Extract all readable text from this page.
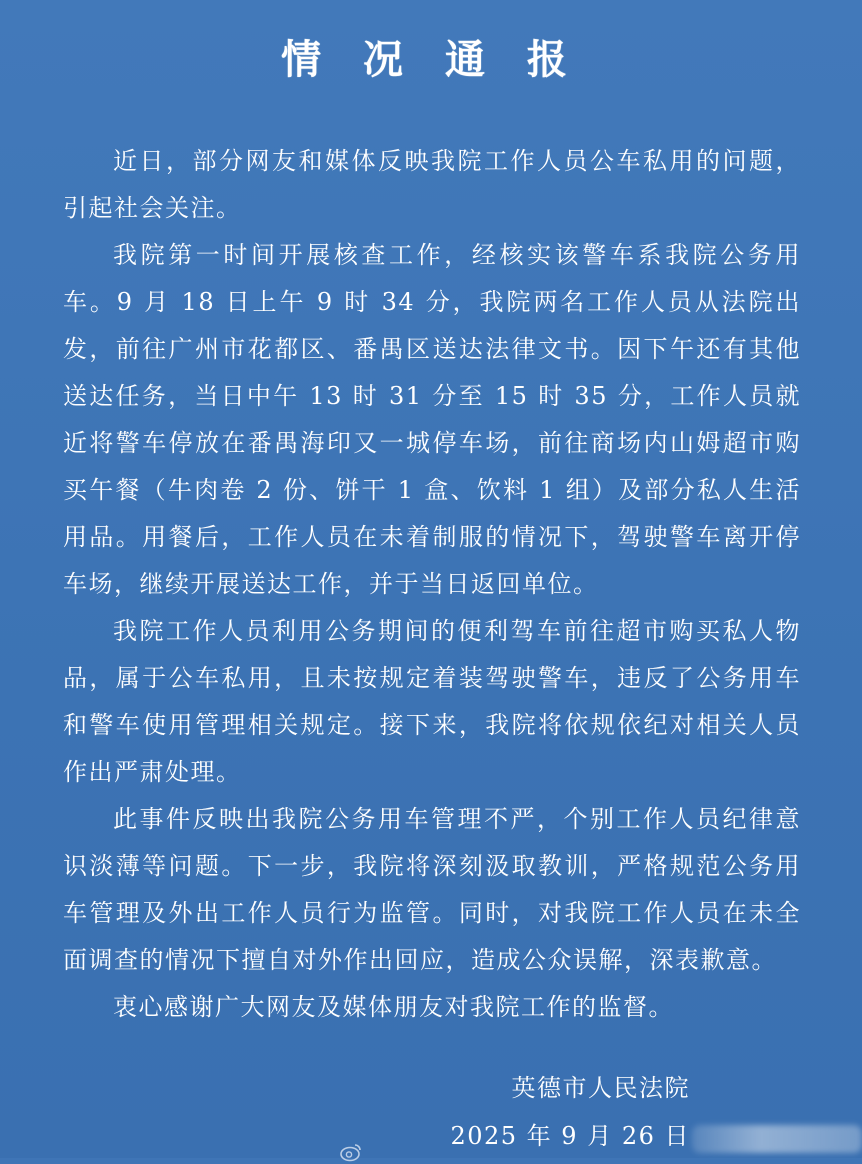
情 况 通 报

近日，部分网友和媒体反映我院工作人员公车私用的问题，引起社会关注。

我院第一时间开展核查工作，经核实该警车系我院公务用车。9 月 18 日上午 9 时 34 分，我院两名工作人员从法院出发，前往广州市花都区、番禺区送达法律文书。因下午还有其他送达任务，当日中午 13 时 31 分至 15 时 35 分，工作人员就近将警车停放在番禺海印又一城停车场，前往商场内山姆超市购买午餐（牛肉卷 2 份、饼干 1 盒、饮料 1 组）及部分私人生活用品。用餐后，工作人员在未着制服的情况下，驾驶警车离开停车场，继续开展送达工作，并于当日返回单位。

我院工作人员利用公务期间的便利驾车前往超市购买私人物品，属于公车私用，且未按规定着装驾驶警车，违反了公务用车和警车使用管理相关规定。接下来，我院将依规依纪对相关人员作出严肃处理。

此事件反映出我院公务用车管理不严，个别工作人员纪律意识淡薄等问题。下一步，我院将深刻汲取教训，严格规范公务用车管理及外出工作人员行为监管。同时，对我院工作人员在未全面调查的情况下擅自对外作出回应，造成公众误解，深表歉意。

衷心感谢广大网友及媒体朋友对我院工作的监督。

英德市人民法院
2025 年 9 月 26 日
